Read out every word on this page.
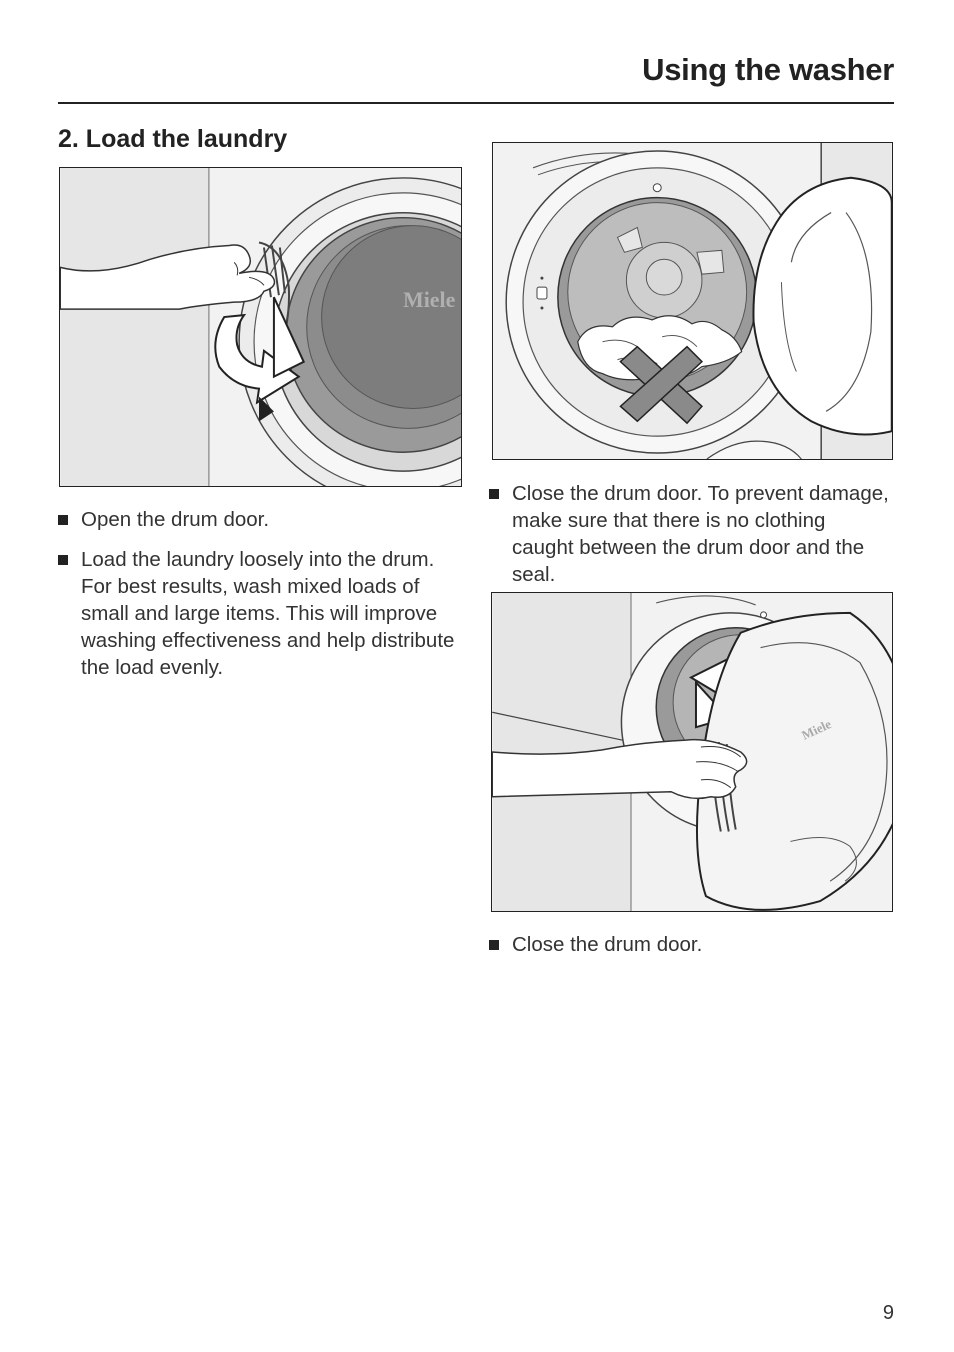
Using the washer
2. Load the laundry
Miele
Miele
Open the drum door.
Load the laundry loosely into the drum. For best results, wash mixed loads of small and large items. This will improve washing effectiveness and help distribute the load evenly.
Close the drum door. To prevent damage, make sure that there is no clothing caught between the drum door and the seal.
Close the drum door.
9
